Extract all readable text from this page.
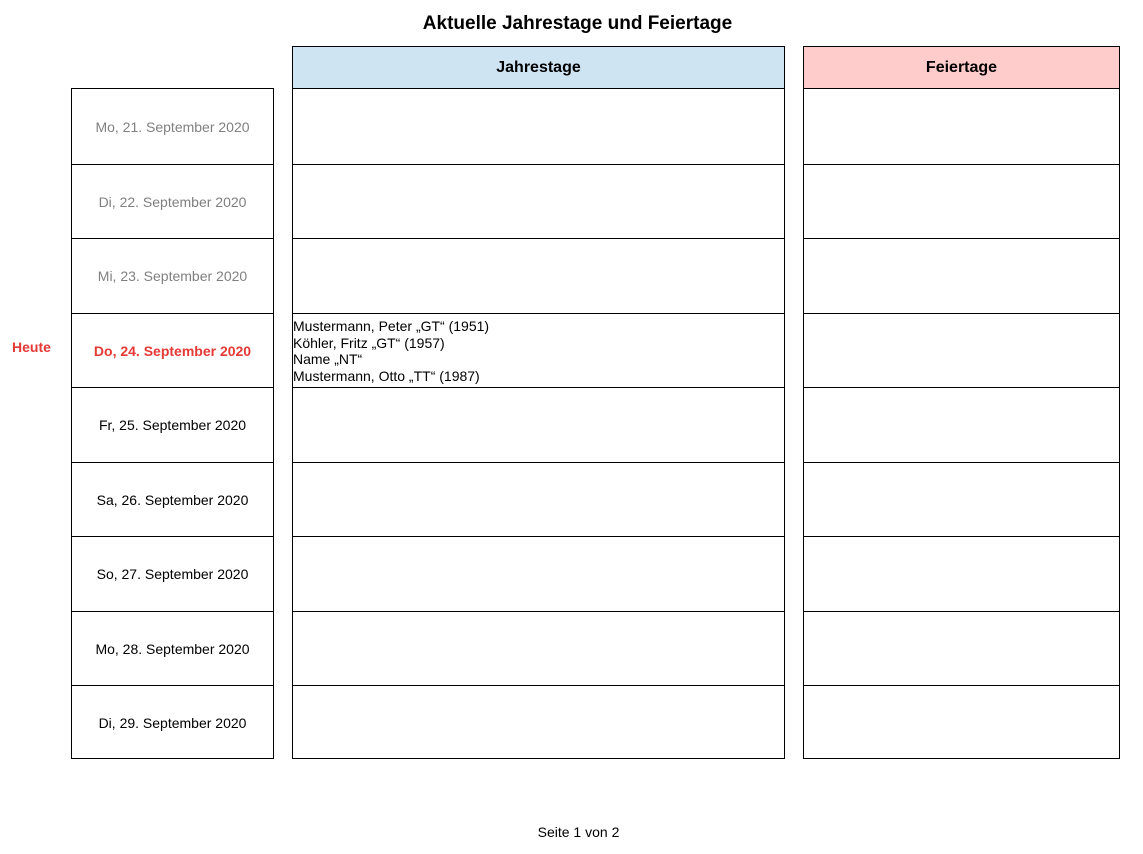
Aktuelle Jahrestage und Feiertage
Jahrestage	Feiertage
Heute
Mo, 21. September 2020
Di, 22. September 2020
Mi, 23. September 2020
Do, 24. September 2020
Fr, 25. September 2020
Sa, 26. September 2020
So, 27. September 2020
Mo, 28. September 2020
Di, 29. September 2020
Mustermann, Peter „GT“ (1951)
Köhler, Fritz „GT“ (1957)
Name „NT“
Mustermann, Otto „TT“ (1987)
Seite 1 von 2
